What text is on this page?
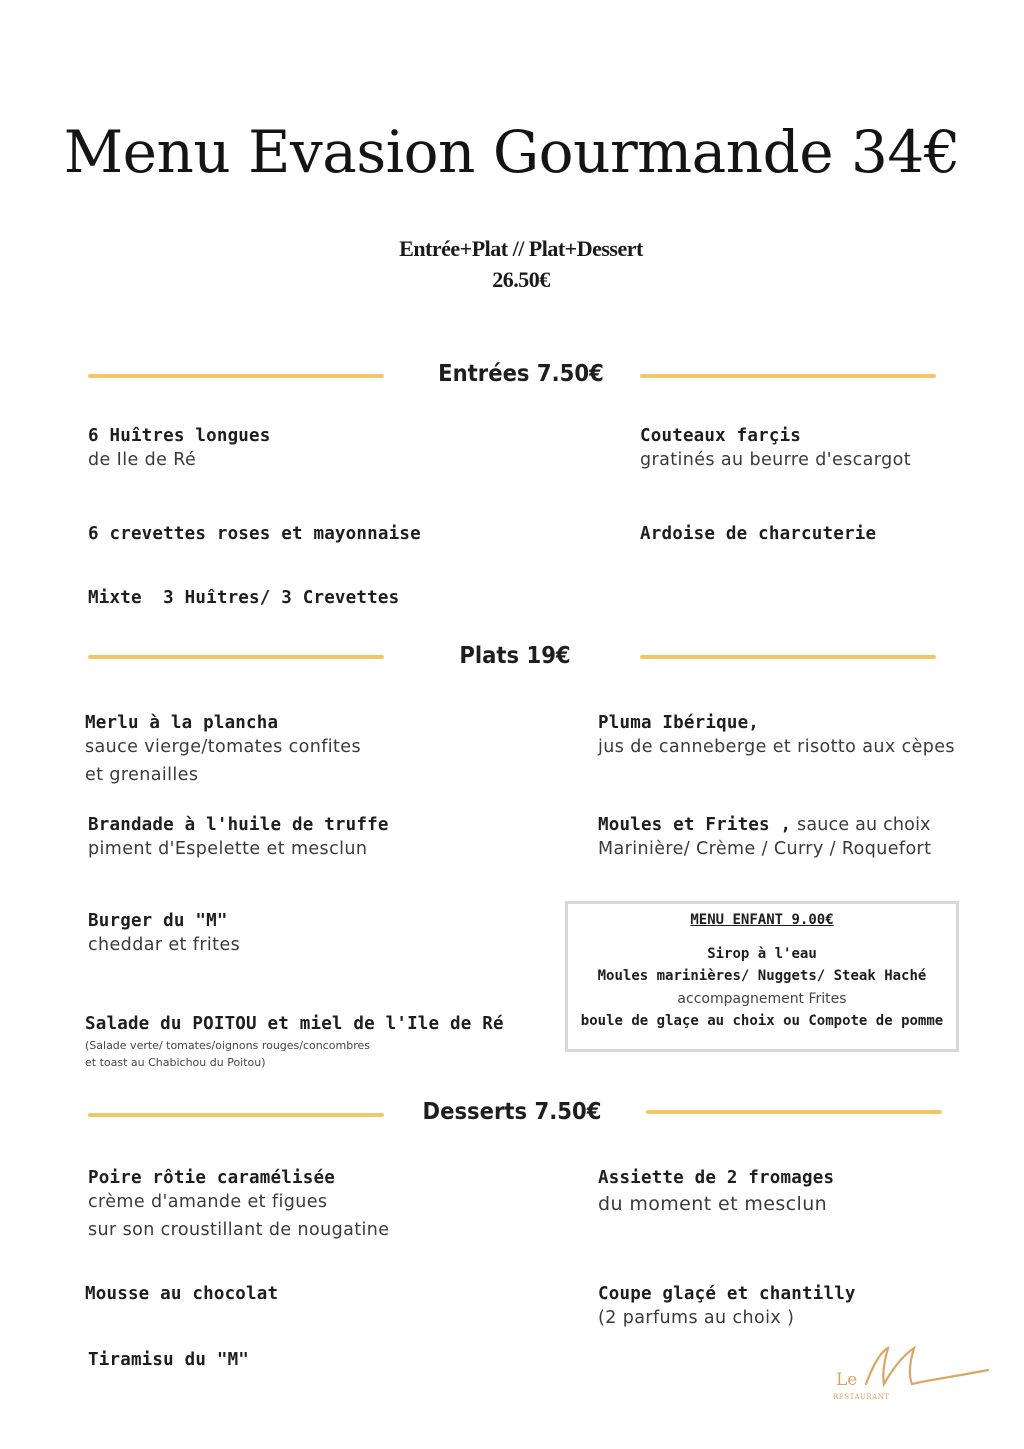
Menu Evasion Gourmande 34€
Entrée+Plat // Plat+Dessert
26.50€
Entrées 7.50€
6 Huîtres longues
de Ile de Ré
Couteaux farçis
gratinés au beurre d'escargot
6 crevettes roses et mayonnaise	Ardoise de charcuterie
Mixte  3 Huîtres/ 3 Crevettes
Plats 19€
Merlu à la plancha
sauce vierge/tomates confites
et grenailles
Pluma Ibérique,
jus de canneberge et risotto aux cèpes
Brandade à l'huile de truffe
piment d'Espelette et mesclun
Moules et Frites , sauce au choix
Marinière/ Crème / Curry / Roquefort
Burger du "M"
cheddar et frites
Salade du POITOU et miel de l'Ile de Ré
(Salade verte/ tomates/oignons rouges/concombres
et toast au Chabichou du Poitou)
MENU ENFANT 9.00€
Sirop à l'eau
Moules marinières/ Nuggets/ Steak Haché
accompagnement Frites
boule de glaçe au choix ou Compote de pomme
Desserts 7.50€
Poire rôtie caramélisée
crème d'amande et figues
sur son croustillant de nougatine
Assiette de 2 fromages
du moment et mesclun
Mousse au chocolat	Coupe glaçé et chantilly
(2 parfums au choix )
Tiramisu du "M"
Le
RESTAURANT
